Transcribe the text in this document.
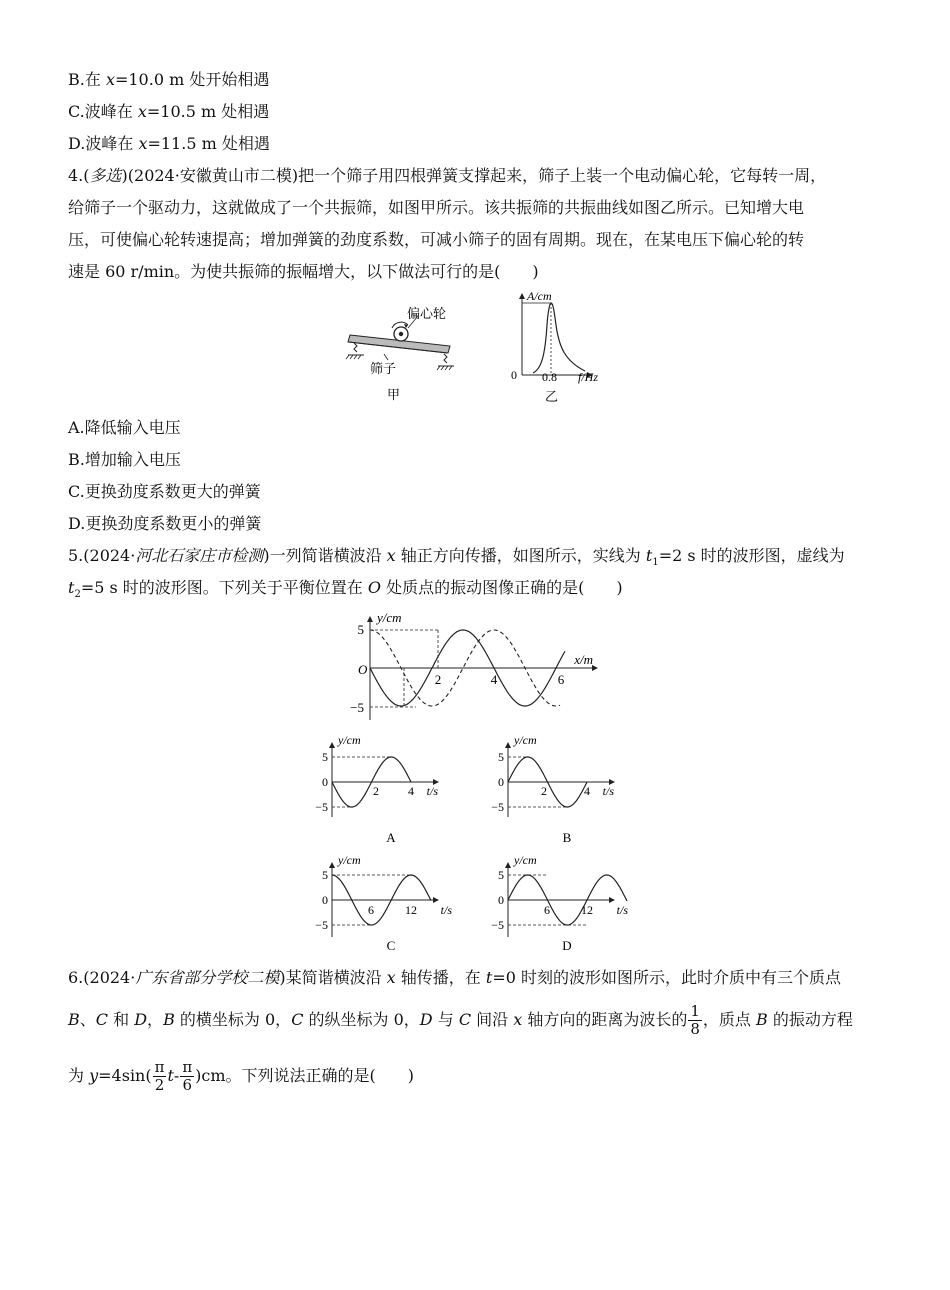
B.在 x=10.0 m 处开始相遇
C.波峰在 x=10.5 m 处相遇
D.波峰在 x=11.5 m 处相遇
4.(多选)(2024·安徽黄山市二模)把一个筛子用四根弹簧支撑起来，筛子上装一个电动偏心轮，它每转一周，
给筛子一个驱动力，这就做成了一个共振筛，如图甲所示。该共振筛的共振曲线如图乙所示。已知增大电
压，可使偏心轮转速提高；增加弹簧的劲度系数，可减小筛子的固有周期。现在，在某电压下偏心轮的转
速是 60 r/min。为使共振筛的振幅增大，以下做法可行的是(　　)
偏心轮
筛子
甲
A/cm
0 0.8 f/Hz
乙
A.降低输入电压
B.增加输入电压
C.更换劲度系数更大的弹簧
D.更换劲度系数更小的弹簧
5.(2024·河北石家庄市检测)一列简谐横波沿 x 轴正方向传播，如图所示，实线为 $t_1=2$ s 时的波形图，虚线为
$t_2=5$ s 时的波形图。下列关于平衡位置在 O 处质点的振动图像正确的是(　　)
y/cm
x/m
5
−5
O
2	4	6
y/cm
5
0
−5
2 4 t/s
A
y/cm
5
0
−5
2	4 t/s
B
y/cm
5
0
−5
6	12 t/s
C
y/cm
5
0
−5
6	12 t/s
D
6.(2024·广东省部分学校二模)某简谐横波沿 x 轴传播，在 t=0 时刻的波形如图所示，此时介质中有三个质点
B、C 和 D，B 的横坐标为 0，C 的纵坐标为 0，D 与 C 间沿 x 轴方向的距离为波长的 $\frac{1}{8}$ ，质点 B 的振动方程
为 $y=4\sin( \frac{\pi}{2} t- \frac{\pi}{6} )cm$。下列说法正确的是(　　)
